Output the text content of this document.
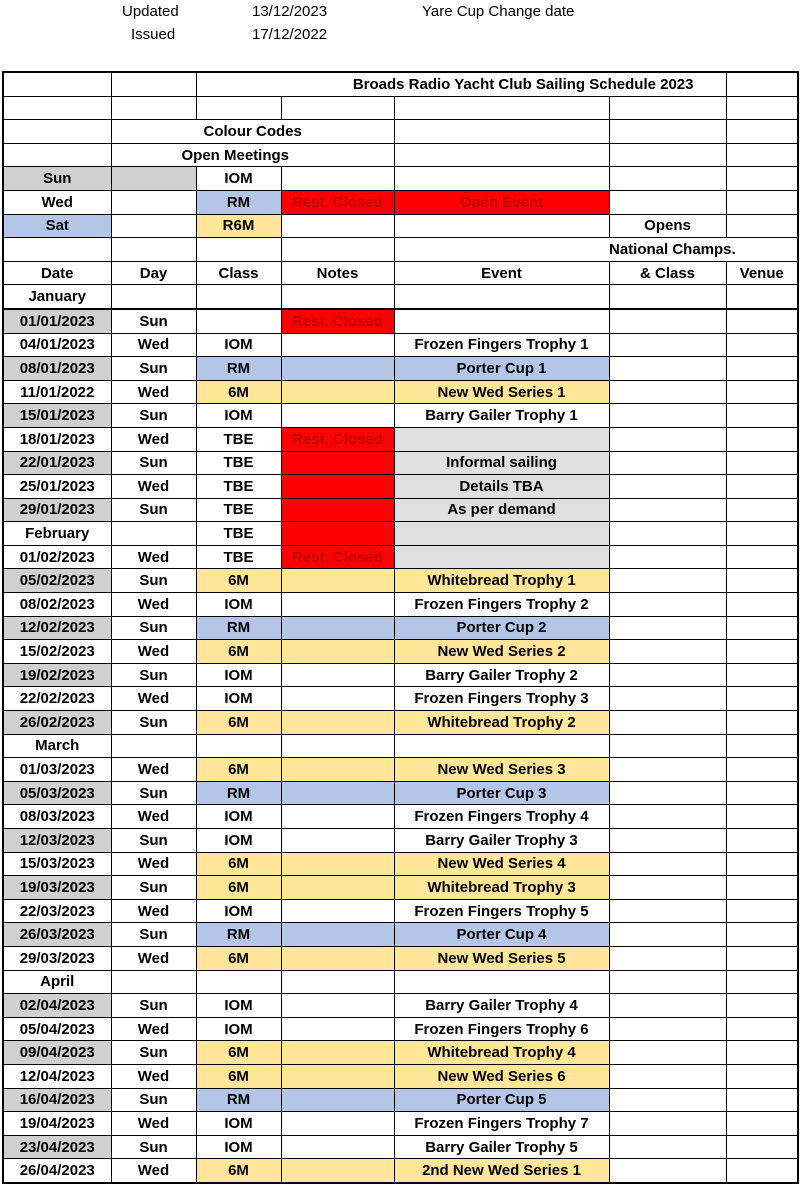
Updated	13/12/2023	Yare Cup Change date
Issued	17/12/2022
			Broads Radio Yacht Club Sailing Schedule 2023			

	Colour Codes					
	Open Meetings					
Sun		IOM				
Wed		RM	Rest. Closed	Open Event		
Sat		R6M			Opens	
					National Champs.	
Date	Day	Class	Notes	Event	& Class	Venue
January						
01/01/2023	Sun		Rest. Closed			
04/01/2023	Wed	IOM		Frozen Fingers Trophy 1		
08/01/2023	Sun	RM		Porter Cup 1		
11/01/2022	Wed	6M		New Wed Series 1		
15/01/2023	Sun	IOM		Barry Gailer Trophy 1		
18/01/2023	Wed	TBE	Rest. Closed			
22/01/2023	Sun	TBE		Informal sailing		
25/01/2023	Wed	TBE		Details TBA		
29/01/2023	Sun	TBE		As per demand		
February		TBE				
01/02/2023	Wed	TBE	Rest. Closed			
05/02/2023	Sun	6M		Whitebread Trophy 1		
08/02/2023	Wed	IOM		Frozen Fingers Trophy 2		
12/02/2023	Sun	RM		Porter Cup 2		
15/02/2023	Wed	6M		New Wed Series 2		
19/02/2023	Sun	IOM		Barry Gailer Trophy 2		
22/02/2023	Wed	IOM		Frozen Fingers Trophy 3		
26/02/2023	Sun	6M		Whitebread Trophy 2		
March						
01/03/2023	Wed	6M		New Wed Series 3		
05/03/2023	Sun	RM		Porter Cup 3		
08/03/2023	Wed	IOM		Frozen Fingers Trophy 4		
12/03/2023	Sun	IOM		Barry Gailer Trophy 3		
15/03/2023	Wed	6M		New Wed Series 4		
19/03/2023	Sun	6M		Whitebread Trophy 3		
22/03/2023	Wed	IOM		Frozen Fingers Trophy 5		
26/03/2023	Sun	RM		Porter Cup 4		
29/03/2023	Wed	6M		New Wed Series 5		
April						
02/04/2023	Sun	IOM		Barry Gailer Trophy 4		
05/04/2023	Wed	IOM		Frozen Fingers Trophy 6		
09/04/2023	Sun	6M		Whitebread Trophy 4		
12/04/2023	Wed	6M		New Wed Series 6		
16/04/2023	Sun	RM		Porter Cup 5		
19/04/2023	Wed	IOM		Frozen Fingers Trophy 7		
23/04/2023	Sun	IOM		Barry Gailer Trophy 5		
26/04/2023	Wed	6M		2nd New Wed Series 1		
